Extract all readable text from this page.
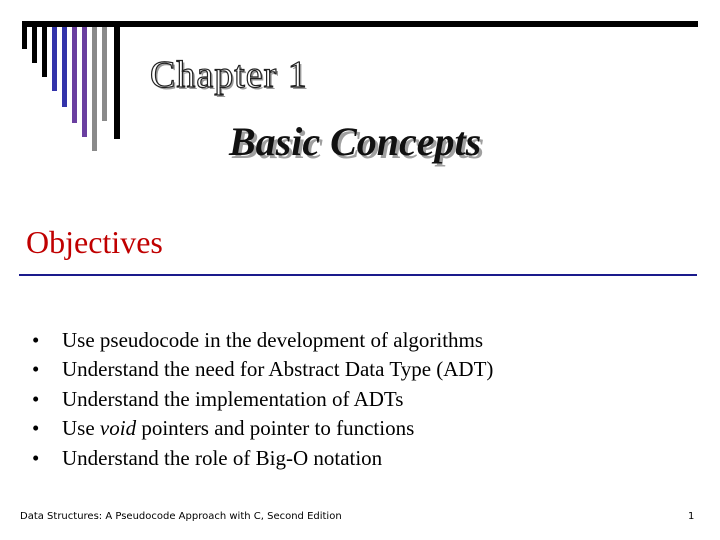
Chapter 1
Basic Concepts
Objectives
•	Use pseudocode in the development of algorithms
•	Understand the need for Abstract Data Type (ADT)
•	Understand the implementation of ADTs
•	Use void pointers and pointer to functions
•	Understand the role of Big-O notation
Data Structures: A Pseudocode Approach with C, Second Edition	1
